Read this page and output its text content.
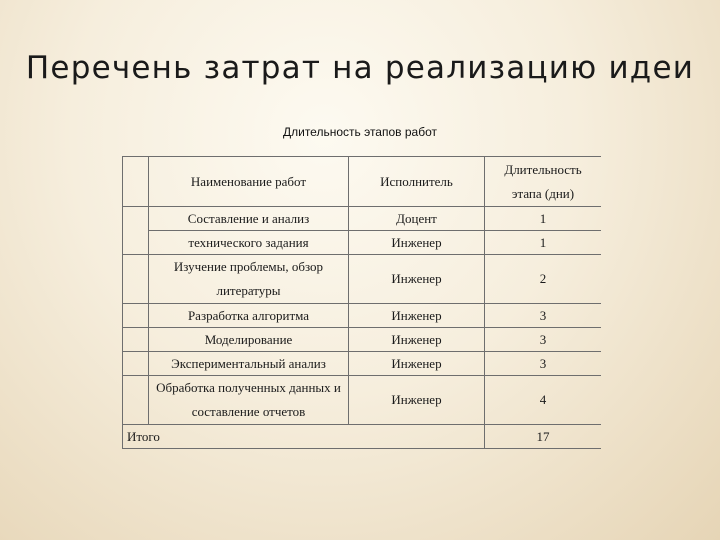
Перечень затрат на реализацию идеи
Длительность этапов работ
	Наименование работ	Исполнитель	Длительность этапа (дни)
	Составление и анализ	Доцент	1
	технического задания	Инженер	1
	Изучение проблемы, обзор литературы	Инженер	2
	Разработка алгоритма	Инженер	3
	Моделирование	Инженер	3
	Экспериментальный анализ	Инженер	3
	Обработка полученных данных и составление отчетов	Инженер	4
Итого			17
